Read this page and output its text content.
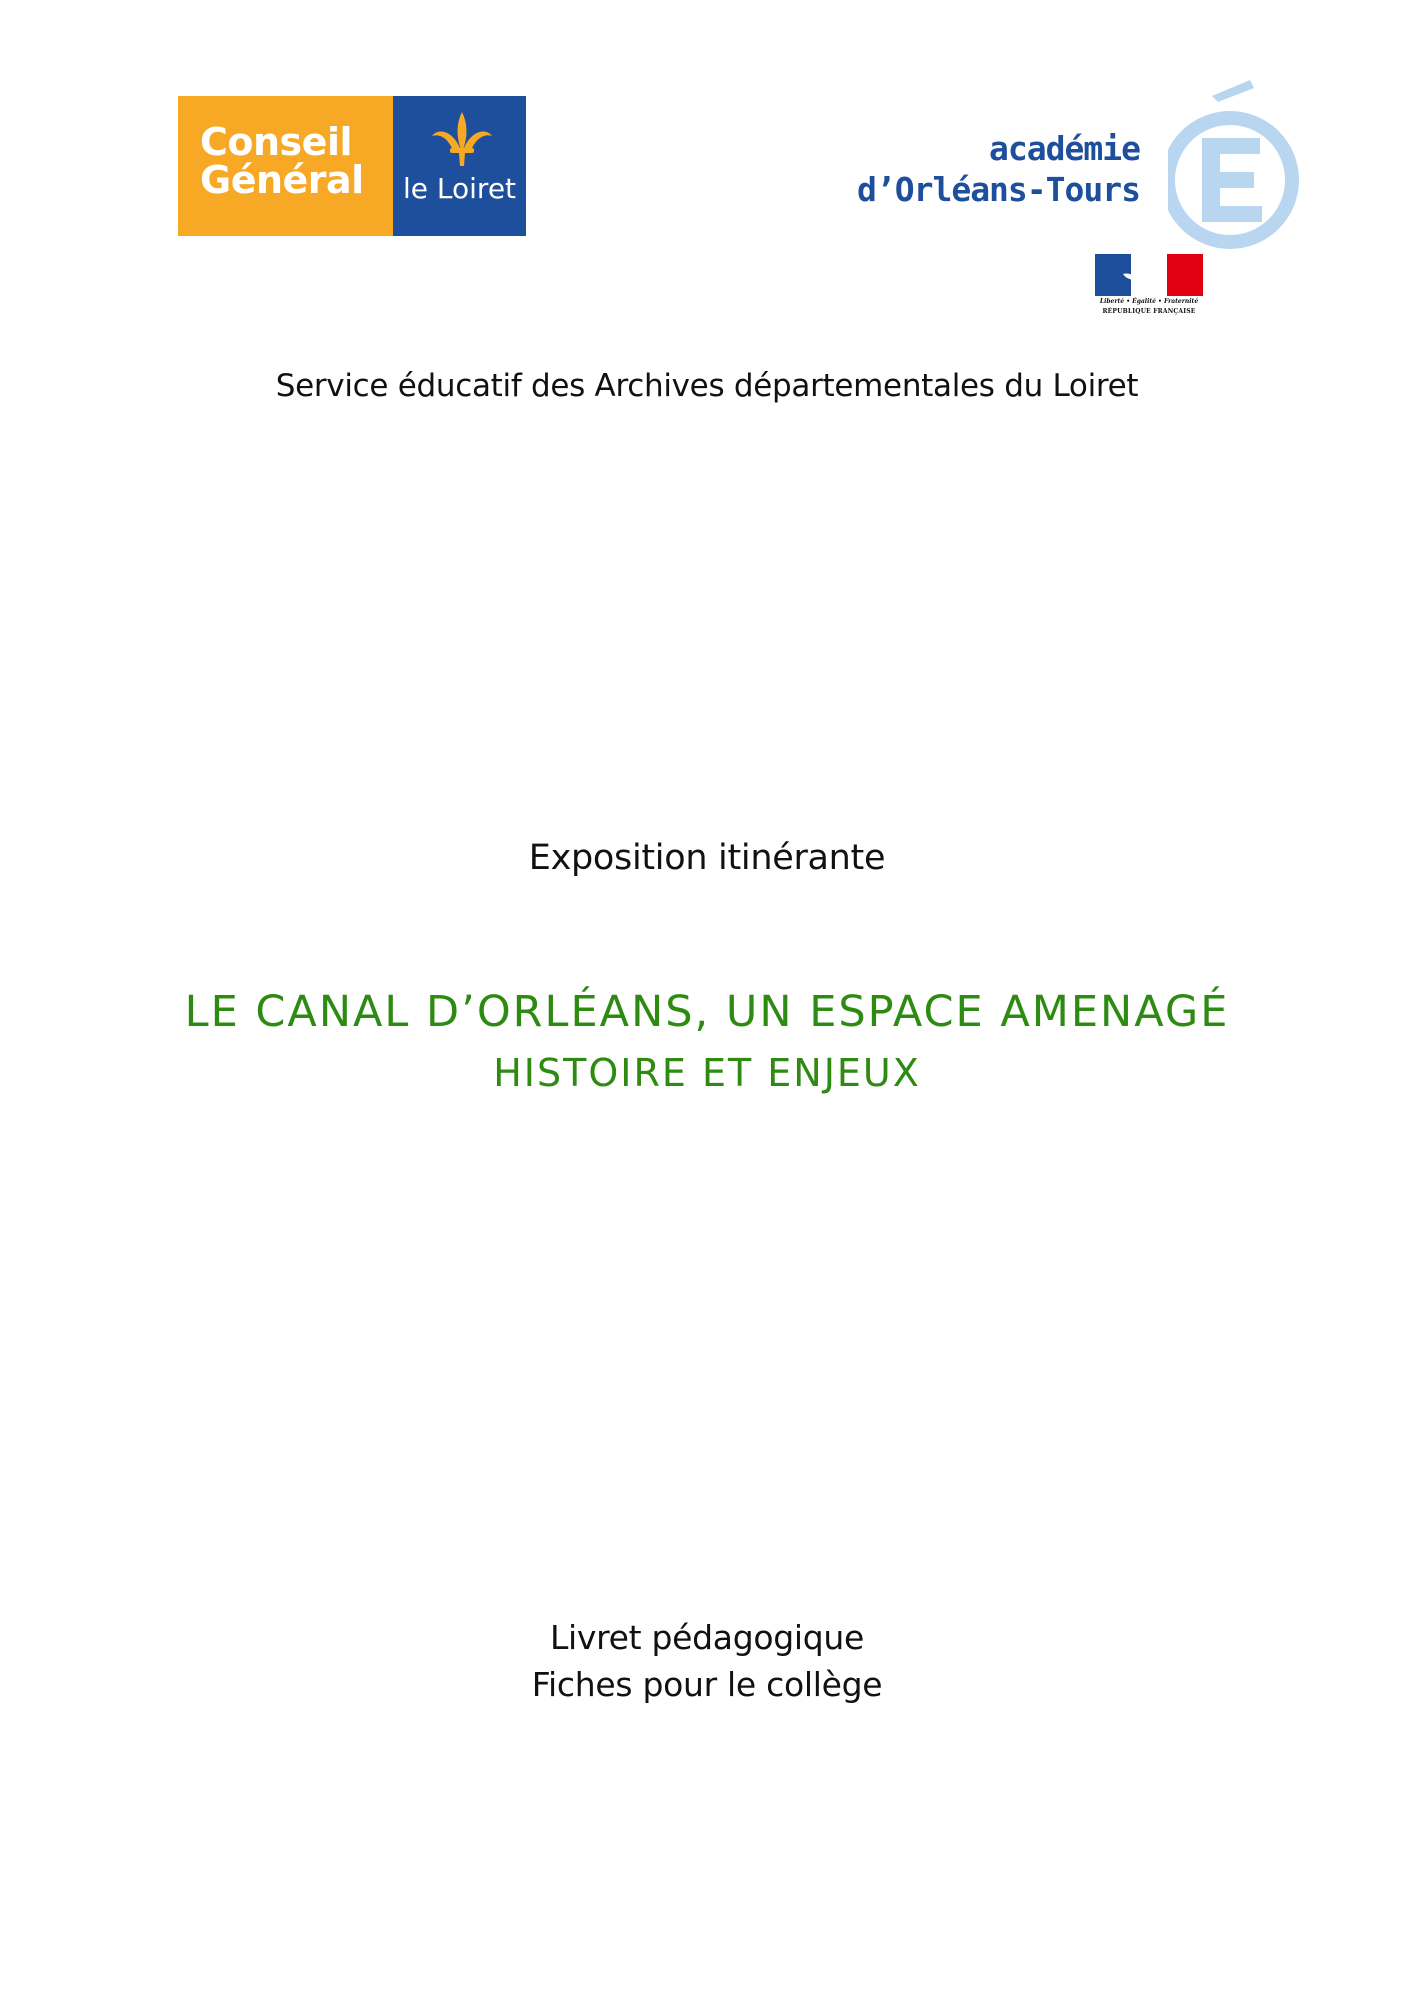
Conseil
Général le Loiret
académie
d’Orléans-Tours
Liberté • Égalité • Fraternité
RÉPUBLIQUE FRANÇAISE
Service éducatif des Archives départementales du Loiret
Exposition itinérante
LE CANAL D’ORLÉANS, UN ESPACE AMENAGÉ
HISTOIRE ET ENJEUX
Livret pédagogique
Fiches pour le collège
